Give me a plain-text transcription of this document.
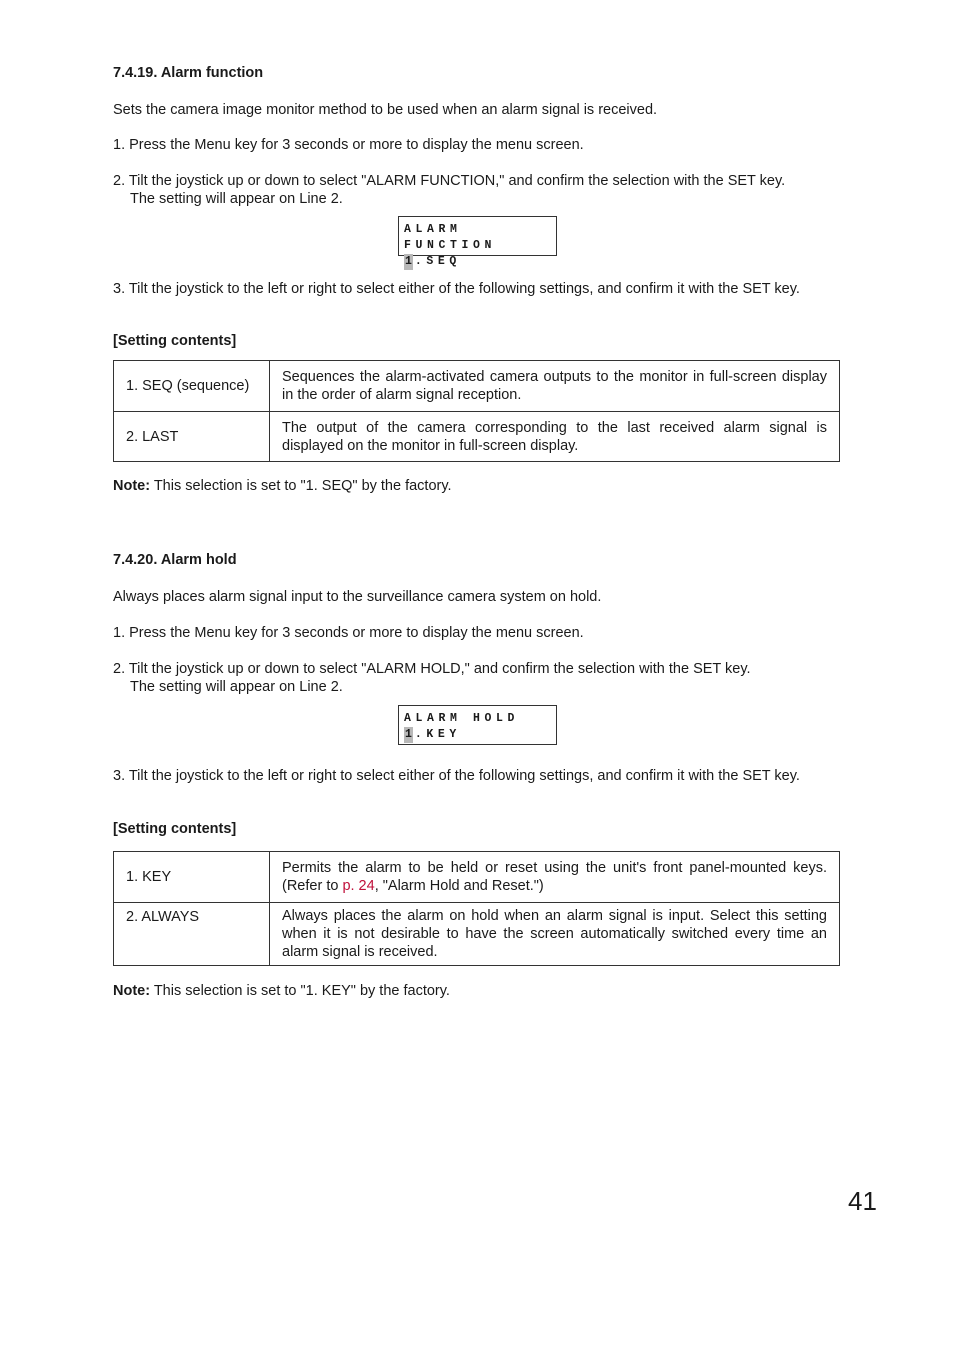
7.4.19. Alarm function

Sets the camera image monitor method to be used when an alarm signal is received.

1. Press the Menu key for 3 seconds or more to display the menu screen.

2. Tilt the joystick up or down to select "ALARM FUNCTION," and confirm the selection with the SET key.

The setting will appear on Line 2.

ALARM FUNCTION
1 .SEQ

3. Tilt the joystick to the left or right to select either of the following settings, and confirm it with the SET key.

[Setting contents]
1. SEQ (sequence)	Sequences the alarm-activated camera outputs to the monitor in full-screen display in the order of alarm signal reception.
2. LAST	The output of the camera corresponding to the last received alarm signal is displayed on the monitor in full-screen display.

Note: This selection is set to "1. SEQ" by the factory.

7.4.20. Alarm hold

Always places alarm signal input to the surveillance camera system on hold.

1. Press the Menu key for 3 seconds or more to display the menu screen.

2. Tilt the joystick up or down to select "ALARM HOLD," and confirm the selection with the SET key.

The setting will appear on Line 2.

ALARM HOLD
1 .KEY

3. Tilt the joystick to the left or right to select either of the following settings, and confirm it with the SET key.

[Setting contents]
1. KEY	Permits the alarm to be held or reset using the unit's front panel-mounted keys. (Refer to p. 24, "Alarm Hold and Reset.")
2. ALWAYS	Always places the alarm on hold when an alarm signal is input. Select this setting when it is not desirable to have the screen automatically switched every time an alarm signal is received.

Note: This selection is set to "1. KEY" by the factory.

41
